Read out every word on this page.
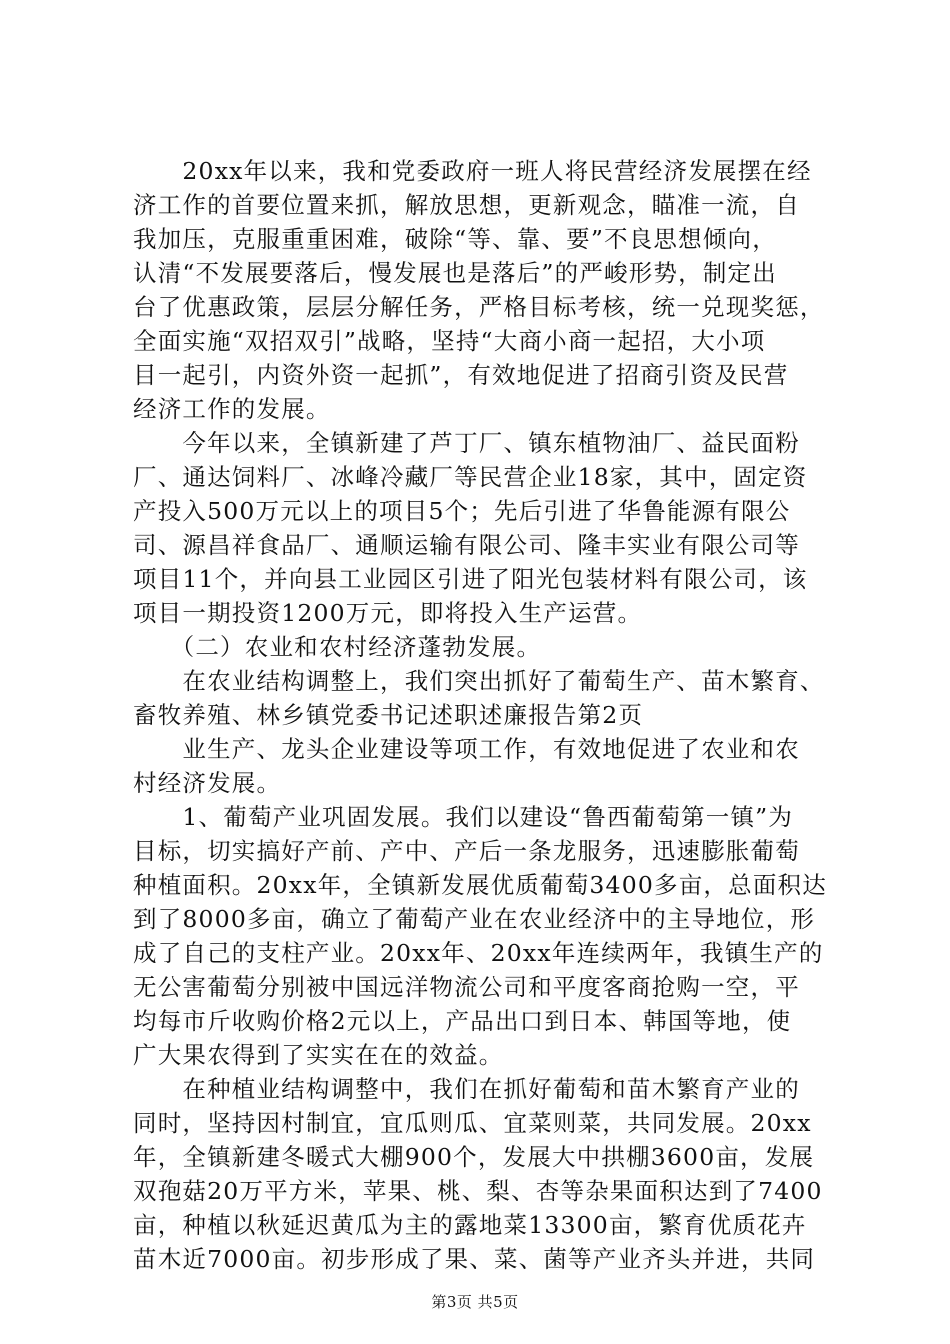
　　20xx年以来，我和党委政府一班人将民营经济发展摆在经
济工作的首要位置来抓，解放思想，更新观念，瞄准一流，自
我加压，克服重重困难，破除“等、靠、要”不良思想倾向，
认清“不发展要落后，慢发展也是落后”的严峻形势，制定出
台了优惠政策，层层分解任务，严格目标考核，统一兑现奖惩，
全面实施“双招双引”战略，坚持“大商小商一起招，大小项
目一起引，内资外资一起抓”，有效地促进了招商引资及民营
经济工作的发展。
　　今年以来，全镇新建了芦丁厂、镇东植物油厂、益民面粉
厂、通达饲料厂、冰峰冷藏厂等民营企业18家，其中，固定资
产投入500万元以上的项目5个；先后引进了华鲁能源有限公
司、源昌祥食品厂、通顺运输有限公司、隆丰实业有限公司等
项目11个，并向县工业园区引进了阳光包装材料有限公司，该
项目一期投资1200万元，即将投入生产运营。
　　（二）农业和农村经济蓬勃发展。
　　在农业结构调整上，我们突出抓好了葡萄生产、苗木繁育、
畜牧养殖、林乡镇党委书记述职述廉报告第2页
　　业生产、龙头企业建设等项工作，有效地促进了农业和农
村经济发展。
　　1、葡萄产业巩固发展。我们以建设“鲁西葡萄第一镇”为
目标，切实搞好产前、产中、产后一条龙服务，迅速膨胀葡萄
种植面积。20xx年，全镇新发展优质葡萄3400多亩，总面积达
到了8000多亩，确立了葡萄产业在农业经济中的主导地位，形
成了自己的支柱产业。20xx年、20xx年连续两年，我镇生产的
无公害葡萄分别被中国远洋物流公司和平度客商抢购一空，平
均每市斤收购价格2元以上，产品出口到日本、韩国等地，使
广大果农得到了实实在在的效益。
　　在种植业结构调整中，我们在抓好葡萄和苗木繁育产业的
同时，坚持因村制宜，宜瓜则瓜、宜菜则菜，共同发展。20xx
年，全镇新建冬暖式大棚900个，发展大中拱棚3600亩，发展
双孢菇20万平方米，苹果、桃、梨、杏等杂果面积达到了7400
亩，种植以秋延迟黄瓜为主的露地菜13300亩，繁育优质花卉
苗木近7000亩。初步形成了果、菜、菌等产业齐头并进，共同
第3页 共5页
